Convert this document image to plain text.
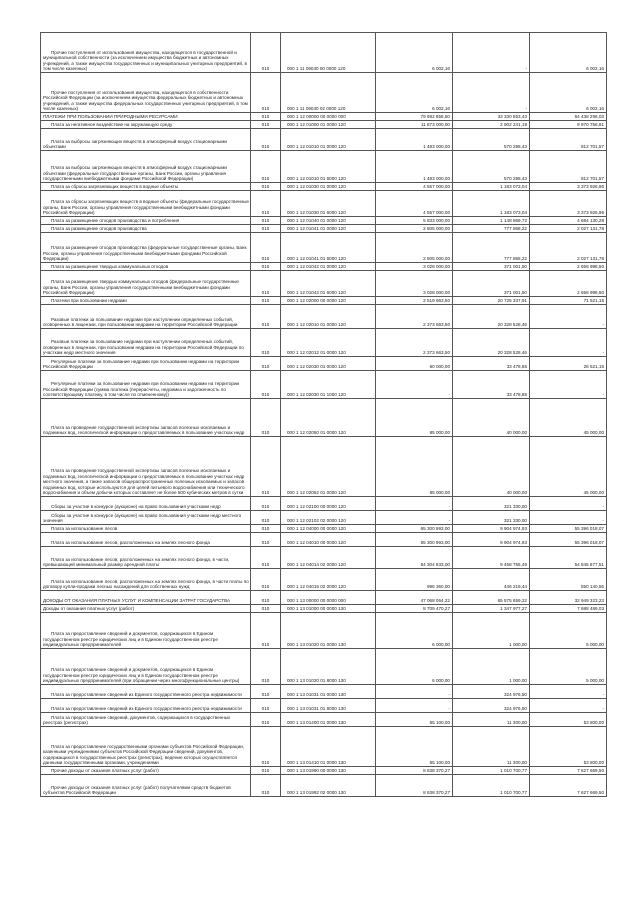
Прочие поступления от использования имущества, находящегося в государственной и муниципальной собственности (за исключением имущества бюджетных и автономных учреждений, а также имущества государственных и муниципальных унитарных предприятий, в том числе казенных)	010	000 1 11 09040 00 0000 120	6 002,16	-	6 002,16
Прочие поступления от использования имущества, находящегося в собственности Российской Федерации (за исключением имущества федеральных бюджетных и автономных учреждений, а также имущества федеральных государственных унитарных предприятий, в том числе казенных)	010	000 1 11 09040 02 0000 120	6 002,16	-	6 002,16
ПЛАТЕЖИ ПРИ ПОЛЬЗОВАНИИ ПРИРОДНЫМИ РЕСУРСАМИ	010	000 1 12 00000 00 0000 000	79 692 858,50	33 330 553,43	64 438 296,03
Плата за негативное воздействие на окружающую среду	010	000 1 12 01000 01 0000 120	11 873 000,00	2 902 241,19	8 970 758,81
Плата за выбросы загрязняющих веществ в атмосферный воздух стационарными объектами	010	000 1 12 01010 01 0000 120	1 483 000,00	570 298,43	912 701,57
Плата за выбросы загрязняющих веществ в атмосферный воздух стационарными объектами (федеральные государственные органы, Банк России, органы управления государственными внебюджетными фондами Российской Федерации)	010	000 1 12 01010 01 6000 120	1 483 000,00	570 298,43	912 701,57
Плата за сбросы загрязняющих веществ в водные объекты	010	000 1 12 01030 01 0000 120	4 557 000,00	1 183 073,04	3 373 926,96
Плата за сбросы загрязняющих веществ в водные объекты (федеральные государственные органы, Банк России, органы управления государственными внебюджетными фондами Российской Федерации)	010	000 1 12 01030 01 6000 120	4 557 000,00	1 183 073,04	3 373 926,96
Плата за размещение отходов производства и потребления	010	000 1 12 01040 01 0000 120	5 833 000,00	1 148 869,72	4 684 130,28
Плата за размещение отходов производства	010	000 1 12 01041 01 0000 120	2 805 000,00	777 868,22	2 027 131,78
Плата за размещение отходов производства (федеральные государственные органы, Банк России, органы управления государственными внебюджетными фондами Российской Федерации)	010	000 1 12 01041 01 6000 120	2 805 000,00	777 868,22	2 027 131,78
Плата за размещение твердых коммунальных отходов	010	000 1 12 01042 01 0000 120	3 028 000,00	371 001,50	2 656 998,50
Плата за размещение твердых коммунальных отходов (федеральные государственные органы, Банк России, органы управления государственными внебюджетными фондами Российской Федерации)	010	000 1 12 01042 01 6000 120	3 028 000,00	371 001,50	2 656 998,50
Платежи при пользовании недрами	010	000 1 12 02000 00 0000 120	2 519 663,50	20 725 337,91	71 521,15
Разовые платежи за пользование недрами при наступлении определенных событий, оговоренных в лицензии, при пользовании недрами на территории Российской Федерации	010	000 1 12 02010 01 0000 120	2 373 663,50	20 328 528,46	-
Разовые платежи за пользование недрами при наступлении определенных событий, оговоренных в лицензии, при пользовании недрами на территории Российской Федерации по участкам недр местного значения	010	000 1 12 02012 01 0000 120	2 373 663,50	20 328 528,46	-
Регулярные платежи за пользование недрами при пользовании недрами на территории Российской Федерации	010	000 1 12 02030 01 0000 120	60 000,00	33 478,85	26 521,15
Регулярные платежи за пользование недрами при пользовании недрами на территории Российской Федерации (сумма платежа (перерасчеты, недоимка и задолженность по соответствующему платежу, в том числе по отмененному))	010	000 1 12 02030 01 1000 120	-	33 478,85	-
Плата за проведение государственной экспертизы запасов полезных ископаемых и подземных вод, геологической информации о предоставляемых в пользование участках недр	010	000 1 12 02050 01 0000 120	85 000,00	40 000,00	45 000,00
Плата за проведение государственной экспертизы запасов полезных ископаемых и подземных вод, геологической информации о предоставляемых в пользование участках недр местного значения, а также запасов общераспространенных полезных ископаемых и запасов подземных вод, которые используются для целей питьевого водоснабжения или технического водоснабжения и объем добычи которых составляет не более 500 кубических метров в сутки	010	000 1 12 02052 01 0000 120	85 000,00	40 000,00	45 000,00
Сборы за участие в конкурсе (аукционе) на право пользования участками недр	010	000 1 12 02100 00 0000 120	-	321 330,00	-
Сборы за участие в конкурсе (аукционе) на право пользования участками недр местного значения	010	000 1 12 02102 02 0000 120	-	321 330,00	-
Плата за использование лесов	010	000 1 12 04000 00 0000 120	65 300 993,00	9 904 974,93	55 396 018,07
Плата за использование лесов, расположенных на землях лесного фонда	010	000 1 12 04010 00 0000 120	65 300 993,00	9 904 974,93	55 396 018,07
Плата за использование лесов, расположенных на землях лесного фонда, в части, превышающей минимальный размер арендной платы	010	000 1 12 04014 02 0000 120	64 304 633,00	9 458 755,49	54 845 877,51
Плата за использование лесов, расположенных на землях лесного фонда, в части платы по договору купли-продажи лесных насаждений для собственных нужд	010	000 1 12 04015 02 0000 120	996 360,00	446 219,44	550 140,56
ДОХОДЫ ОТ ОКАЗАНИЯ ПЛАТНЫХ УСЛУГ И КОМПЕНСАЦИИ ЗАТРАТ ГОСУДАРСТВА	010	000 1 13 00000 00 0000 000	47 068 064,22	65 575 659,22	32 949 323,23
Доходы от оказания платных услуг (работ)	010	000 1 13 01000 00 0000 130	8 709 470,27	1 347 977,27	7 688 489,03
Плата за предоставление сведений и документов, содержащихся в Едином государственном реестре юридических лиц и в Едином государственном реестре индивидуальных предпринимателей	010	000 1 13 01020 01 0000 130	6 000,00	1 000,00	5 000,00
Плата за предоставление сведений и документов, содержащихся в Едином государственном реестре юридических лиц и в Едином государственном реестре индивидуальных предпринимателей (при обращении через многофункциональные центры)	010	000 1 13 01020 01 8000 130	6 000,00	1 000,00	5 000,00
Плата за предоставление сведений из Единого государственного реестра недвижимости	010	000 1 13 01031 01 0000 130	-	324 976,50	-
Плата за предоставление сведений из Единого государственного реестра недвижимости	010	000 1 13 01031 01 8000 130	-	324 976,50	-
Плата за предоставление сведений, документов, содержащихся в государственных реестрах (регистрах)	010	000 1 13 01400 01 0000 130	65 100,00	11 300,00	53 800,00
Плата за предоставление государственными органами субъектов Российской Федерации, казенными учреждениями субъектов Российской Федерации сведений, документов, содержащихся в государственных реестрах (регистрах), ведение которых осуществляется данными государственными органами, учреждениями	010	000 1 13 01410 01 0000 130	65 100,00	11 300,00	53 800,00
Прочие доходы от оказания платных услуг (работ)	010	000 1 13 01990 00 0000 130	8 638 370,27	1 010 700,77	7 627 669,50
Прочие доходы от оказания платных услуг (работ) получателями средств бюджетов субъектов Российской Федерации	010	000 1 13 01992 02 0000 130	8 638 370,27	1 010 700,77	7 627 669,50
